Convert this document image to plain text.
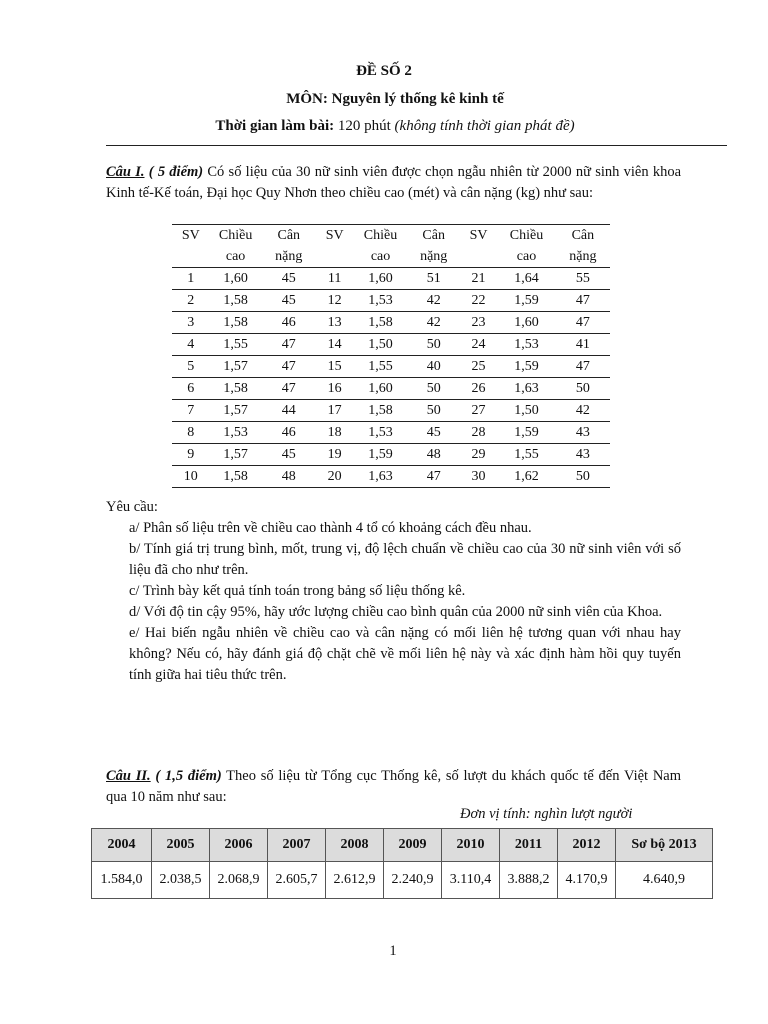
ĐỀ SỐ 2
MÔN: Nguyên lý thống kê kinh tế
Thời gian làm bài: 120 phút (không tính thời gian phát đề)
Câu I. ( 5 điểm) Có số liệu của 30 nữ sinh viên được chọn ngẫu nhiên từ 2000 nữ sinh viên khoa Kinh tế-Kế toán, Đại học Quy Nhơn theo chiều cao (mét) và cân nặng (kg) như sau:
SV	Chiều	Cân	SV	Chiều	Cân	SV	Chiều	Cân
	cao	nặng		cao	nặng		cao	nặng
1	1,60	45	11	1,60	51	21	1,64	55
2	1,58	45	12	1,53	42	22	1,59	47
3	1,58	46	13	1,58	42	23	1,60	47
4	1,55	47	14	1,50	50	24	1,53	41
5	1,57	47	15	1,55	40	25	1,59	47
6	1,58	47	16	1,60	50	26	1,63	50
7	1,57	44	17	1,58	50	27	1,50	42
8	1,53	46	18	1,53	45	28	1,59	43
9	1,57	45	19	1,59	48	29	1,55	43
10	1,58	48	20	1,63	47	30	1,62	50
Yêu cầu:
a/ Phân số liệu trên về chiều cao thành 4 tổ có khoảng cách đều nhau.
b/ Tính giá trị trung bình, mốt, trung vị, độ lệch chuẩn về chiều cao của 30 nữ sinh viên với số liệu đã cho như trên.
c/ Trình bày kết quả tính toán trong bảng số liệu thống kê.
d/ Với độ tin cậy 95%, hãy ước lượng chiều cao bình quân của 2000 nữ sinh viên của Khoa.
e/ Hai biến ngẫu nhiên về chiều cao và cân nặng có mối liên hệ tương quan với nhau hay không? Nếu có, hãy đánh giá độ chặt chẽ về mối liên hệ này và xác định hàm hồi quy tuyến tính giữa hai tiêu thức trên.
Câu II. ( 1,5 điểm) Theo số liệu từ Tổng cục Thống kê, số lượt du khách quốc tế đến Việt Nam qua 10 năm như sau:
Đơn vị tính: nghìn lượt người
2004	2005	2006	2007	2008	2009	2010	2011	2012	Sơ bộ 2013
1.584,0	2.038,5	2.068,9	2.605,7	2.612,9	2.240,9	3.110,4	3.888,2	4.170,9	4.640,9
1
